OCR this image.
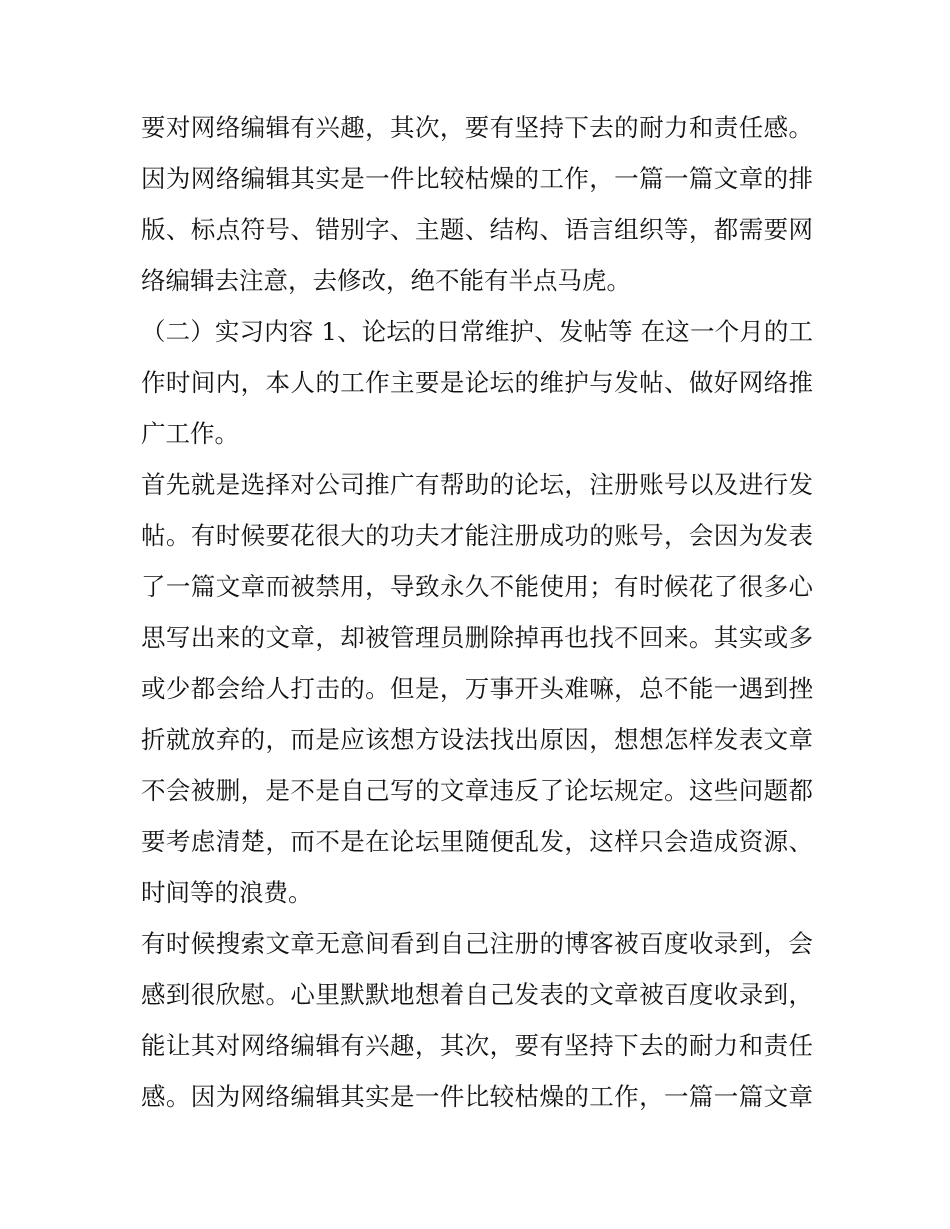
要对网络编辑有兴趣，其次，要有坚持下去的耐力和责任感。
因为网络编辑其实是一件比较枯燥的工作，一篇一篇文章的排
版、标点符号、错别字、主题、结构、语言组织等，都需要网
络编辑去注意，去修改，绝不能有半点马虎。
（二）实习内容 1、论坛的日常维护、发帖等 在这一个月的工
作时间内，本人的工作主要是论坛的维护与发帖、做好网络推
广工作。
首先就是选择对公司推广有帮助的论坛，注册账号以及进行发
帖。有时候要花很大的功夫才能注册成功的账号，会因为发表
了一篇文章而被禁用，导致永久不能使用；有时候花了很多心
思写出来的文章，却被管理员删除掉再也找不回来。其实或多
或少都会给人打击的。但是，万事开头难嘛，总不能一遇到挫
折就放弃的，而是应该想方设法找出原因，想想怎样发表文章
不会被删，是不是自己写的文章违反了论坛规定。这些问题都
要考虑清楚，而不是在论坛里随便乱发，这样只会造成资源、
时间等的浪费。
有时候搜索文章无意间看到自己注册的博客被百度收录到，会
感到很欣慰。心里默默地想着自己发表的文章被百度收录到，
能让其对网络编辑有兴趣，其次，要有坚持下去的耐力和责任
感。因为网络编辑其实是一件比较枯燥的工作，一篇一篇文章
